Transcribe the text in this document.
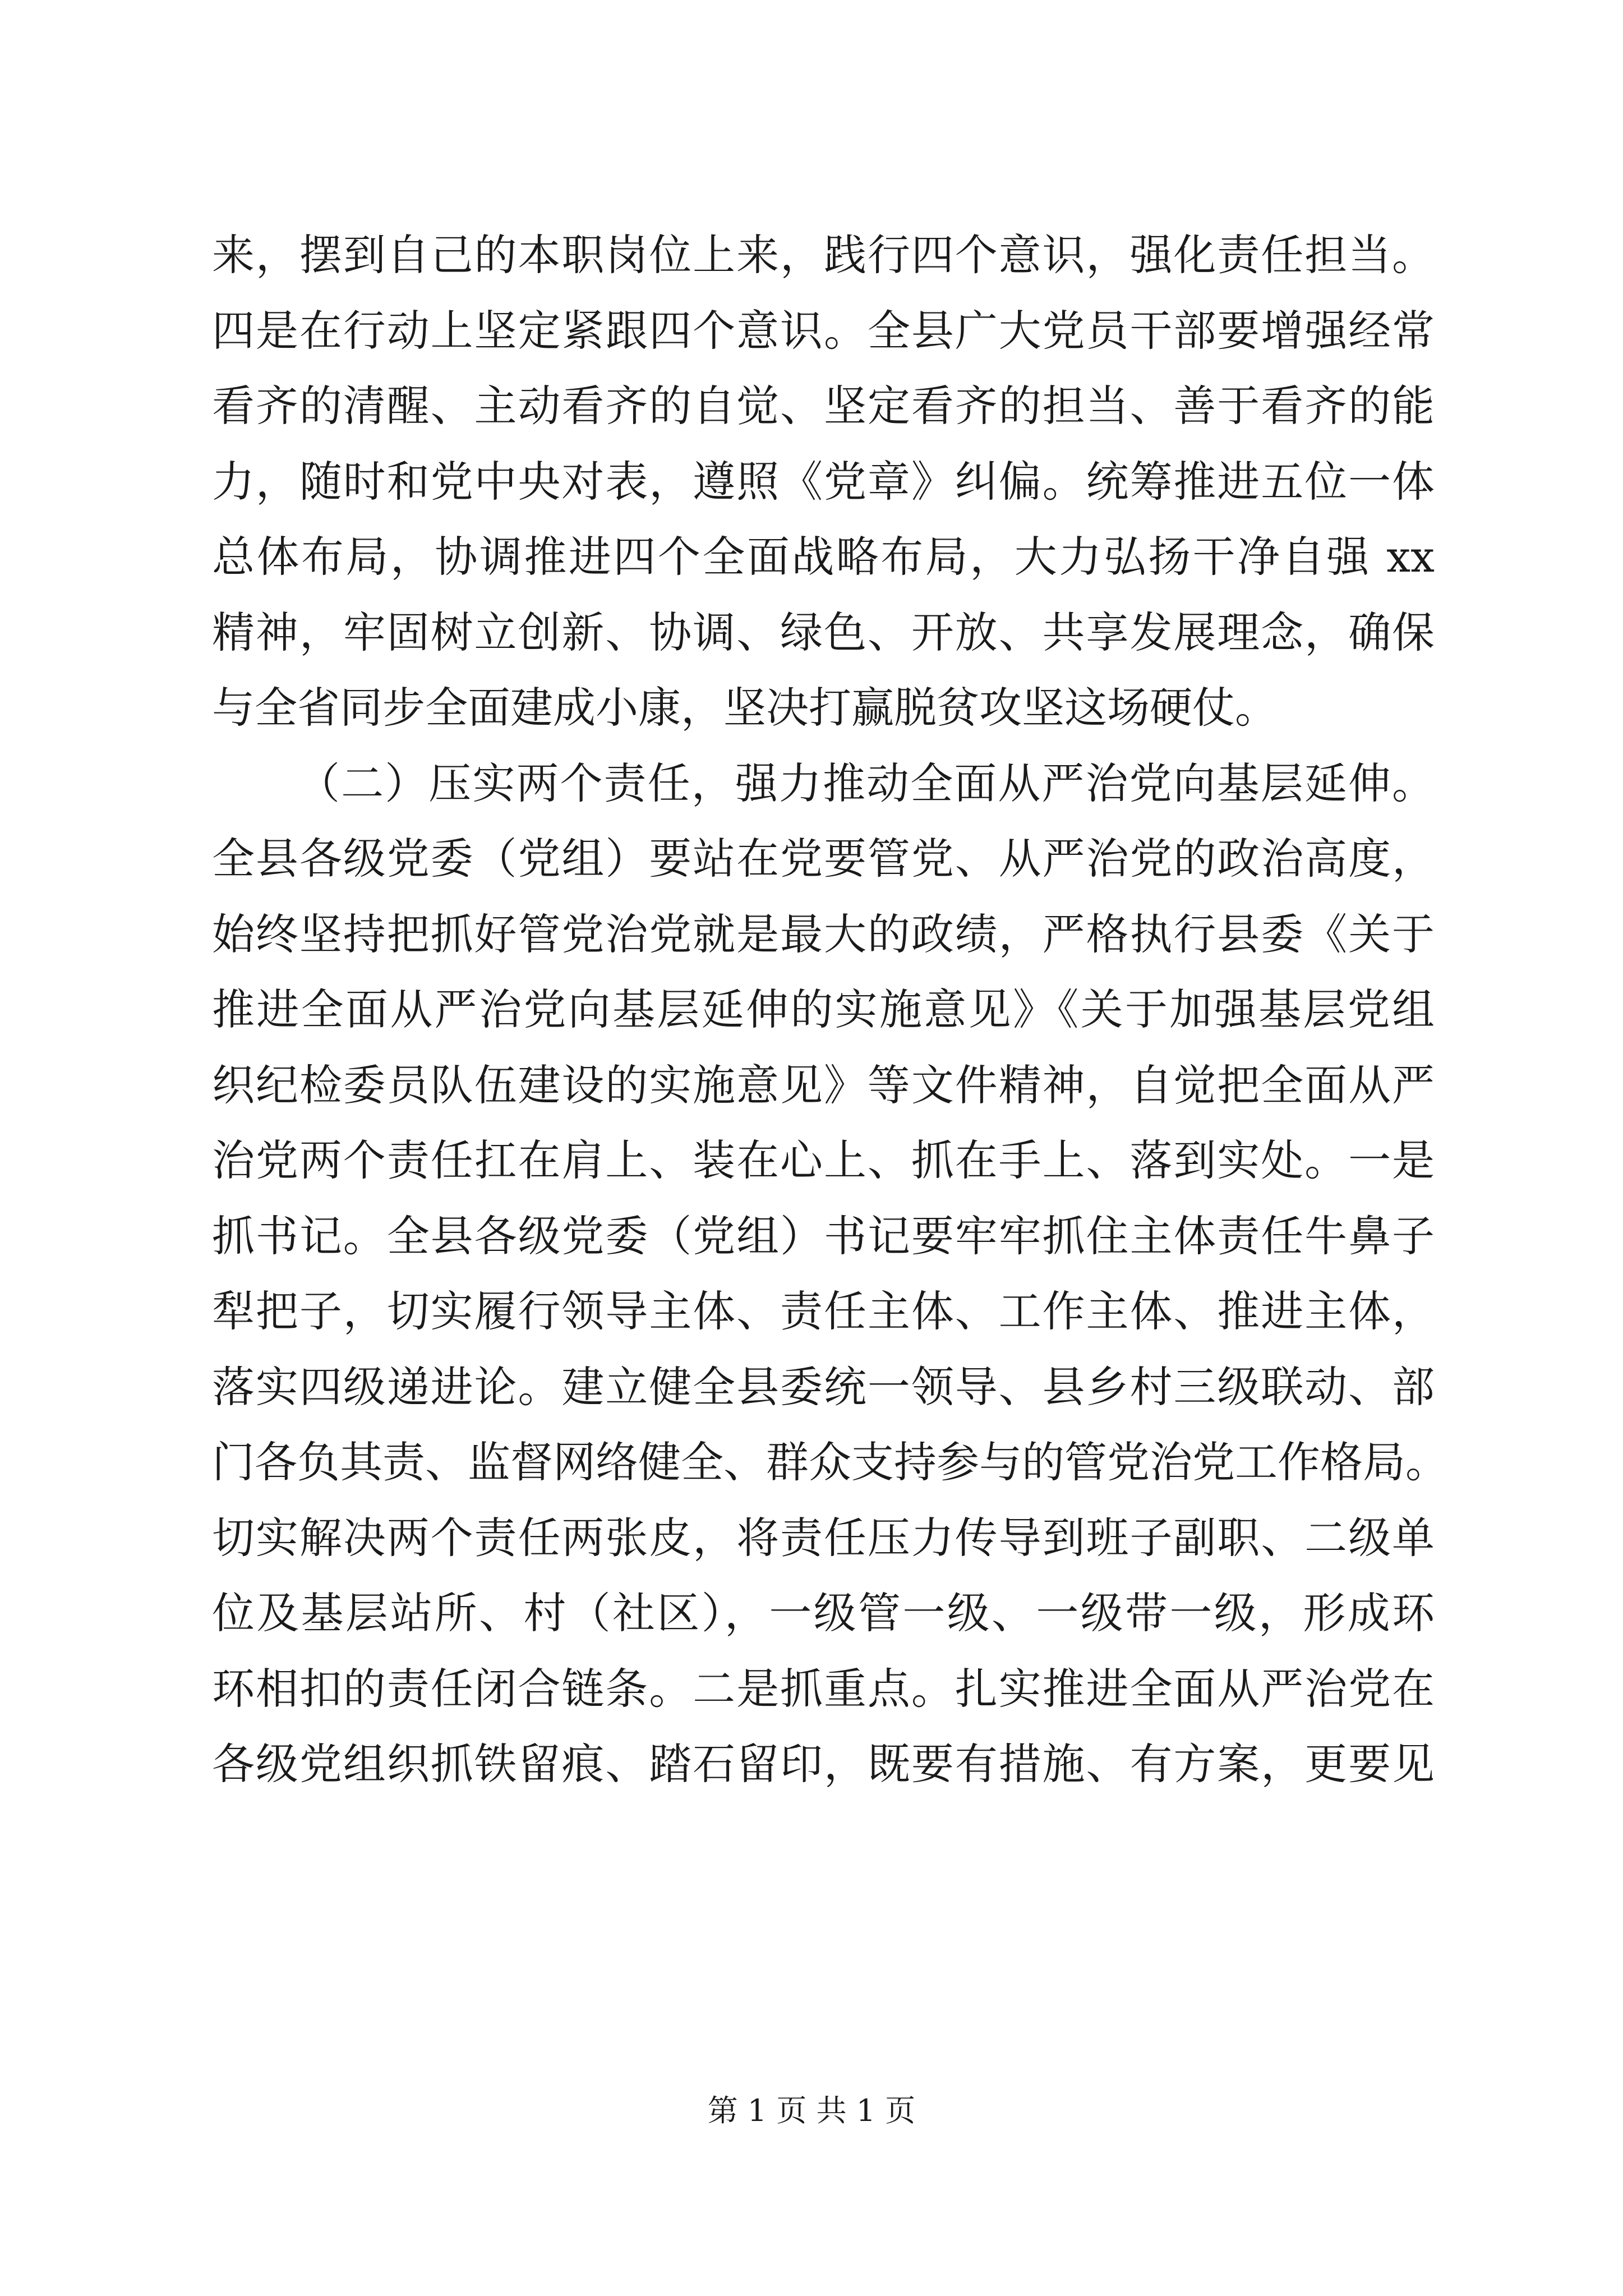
来，摆到自己的本职岗位上来，践行四个意识，强化责任担当。
四是在行动上坚定紧跟四个意识。全县广大党员干部要增强经常
看齐的清醒、主动看齐的自觉、坚定看齐的担当、善于看齐的能
力，随时和党中央对表，遵照《党章》纠偏。统筹推进五位一体
总体布局，协调推进四个全面战略布局，大力弘扬干净自强 xx
精神，牢固树立创新、协调、绿色、开放、共享发展理念，确保
与全省同步全面建成小康，坚决打赢脱贫攻坚这场硬仗。
（二）压实两个责任，强力推动全面从严治党向基层延伸。
全县各级党委（党组）要站在党要管党、从严治党的政治高度，
始终坚持把抓好管党治党就是最大的政绩，严格执行县委《关于
推进全面从严治党向基层延伸的实施意见》《关于加强基层党组
织纪检委员队伍建设的实施意见》等文件精神，自觉把全面从严
治党两个责任扛在肩上、装在心上、抓在手上、落到实处。一是
抓书记。全县各级党委（党组）书记要牢牢抓住主体责任牛鼻子
犁把子，切实履行领导主体、责任主体、工作主体、推进主体，
落实四级递进论。建立健全县委统一领导、县乡村三级联动、部
门各负其责、监督网络健全、群众支持参与的管党治党工作格局。
切实解决两个责任两张皮，将责任压力传导到班子副职、二级单
位及基层站所、村（社区），一级管一级、一级带一级，形成环
环相扣的责任闭合链条。二是抓重点。扎实推进全面从严治党在
各级党组织抓铁留痕、踏石留印，既要有措施、有方案，更要见
第 1 页 共 1 页
